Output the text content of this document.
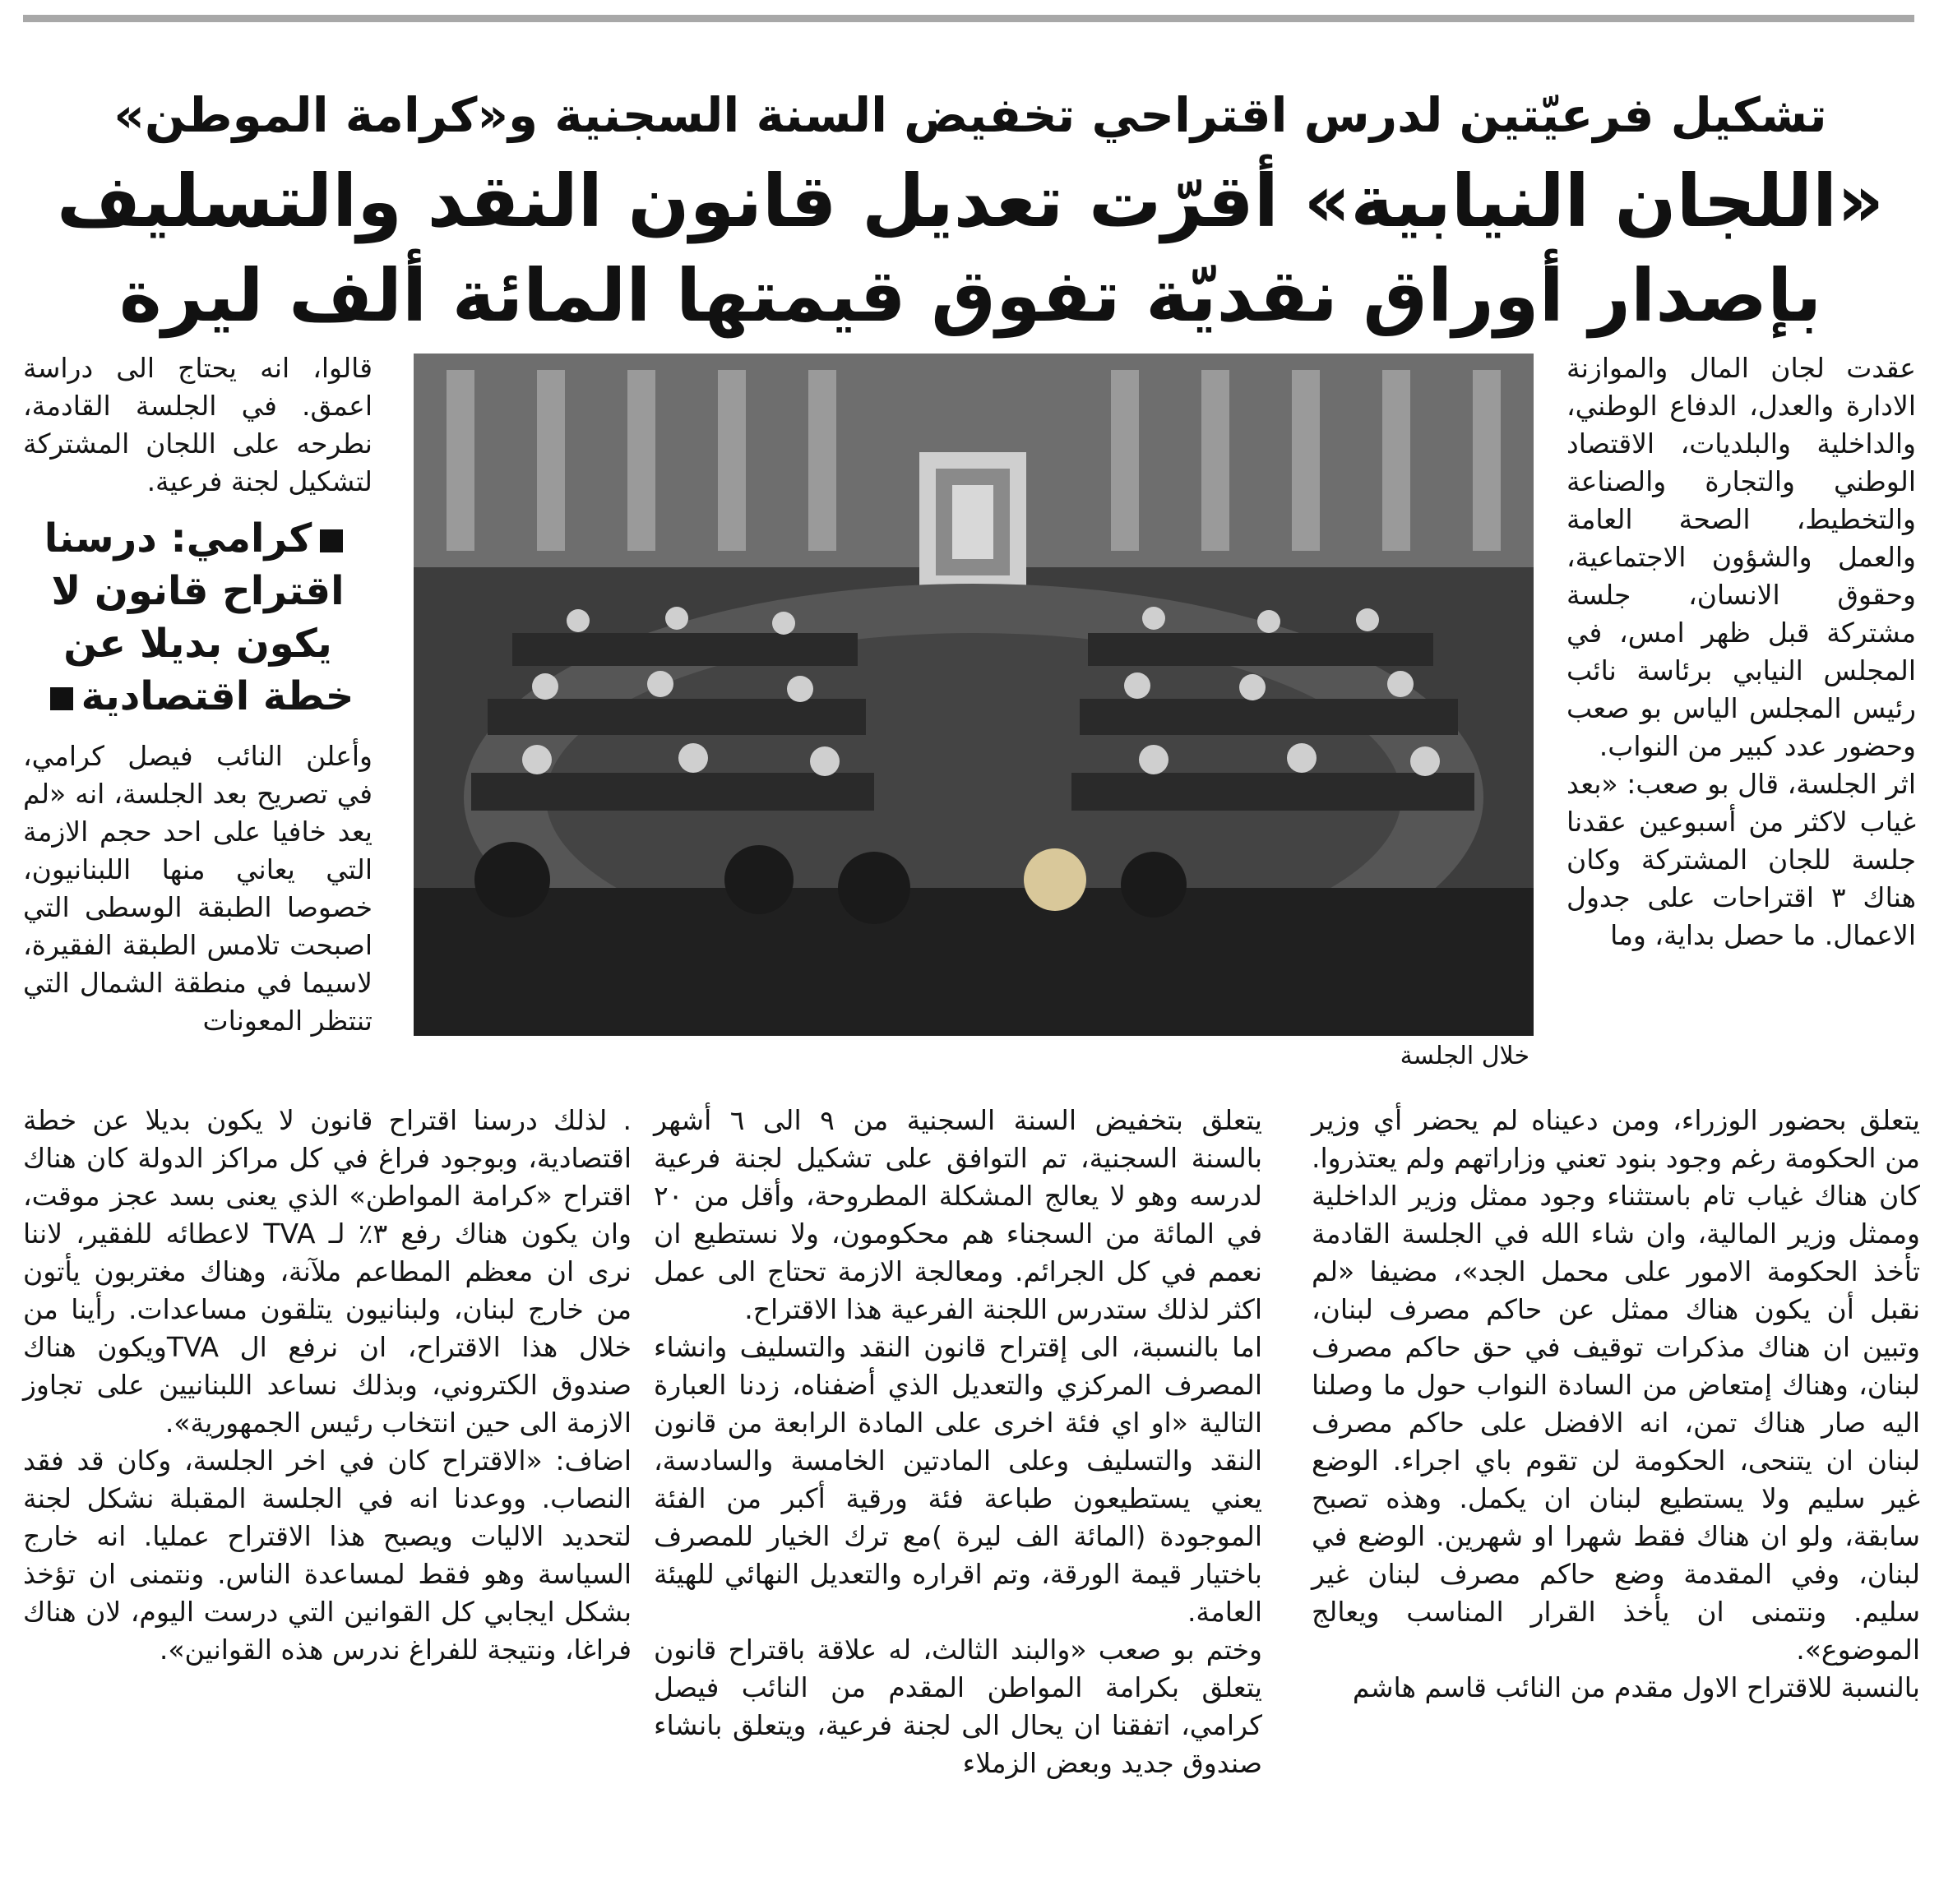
تشكيل فرعيّتين لدرس اقتراحي تخفيض السنة السجنية و«كرامة الموطن»
«اللجان النيابية» أقرّت تعديل قانون النقد والتسليف
بإصدار أوراق نقديّة تفوق قيمتها المائة ألف ليرة

عقدت لجان المال والموازنة الادارة والعدل، الدفاع الوطني، والداخلية والبلديات، الاقتصاد الوطني والتجارة والصناعة والتخطيط، الصحة العامة والعمل والشؤون الاجتماعية، وحقوق الانسان، جلسة مشتركة قبل ظهر امس، في المجلس النيابي برئاسة نائب رئيس المجلس الياس بو صعب وحضور عدد كبير من النواب.

اثر الجلسة، قال بو صعب: «بعد غياب لاكثر من أسبوعين عقدنا جلسة للجان المشتركة وكان هناك ٣ اقتراحات على جدول الاعمال. ما حصل بداية، وما

خلال الجلسة

قالوا، انه يحتاج الى دراسة اعمق. في الجلسة القادمة، نطرحه على اللجان المشتركة لتشكيل لجنة فرعية.

كرامي: درسنا اقتراح قانون لا يكون بديلا عن خطة اقتصادية

وأعلن النائب فيصل كرامي، في تصريح بعد الجلسة، انه «لم يعد خافيا على احد حجم الازمة التي يعاني منها اللبنانيون، خصوصا الطبقة الوسطى التي اصبحت تلامس الطبقة الفقيرة، لاسيما في منطقة الشمال التي تنتظر المعونات

يتعلق بحضور الوزراء، ومن دعيناه لم يحضر أي وزير من الحكومة رغم وجود بنود تعني وزاراتهم ولم يعتذروا. كان هناك غياب تام باستثناء وجود ممثل وزير الداخلية وممثل وزير المالية، وان شاء الله في الجلسة القادمة تأخذ الحكومة الامور على محمل الجد»، مضيفا «لم نقبل أن يكون هناك ممثل عن حاكم مصرف لبنان، وتبين ان هناك مذكرات توقيف في حق حاكم مصرف لبنان، وهناك إمتعاض من السادة النواب حول ما وصلنا اليه صار هناك تمن، انه الافضل على حاكم مصرف لبنان ان يتنحى، الحكومة لن تقوم باي اجراء. الوضع غير سليم ولا يستطيع لبنان ان يكمل. وهذه تصبح سابقة، ولو ان هناك فقط شهرا او شهرين. الوضع في لبنان، وفي المقدمة وضع حاكم مصرف لبنان غير سليم. ونتمنى ان يأخذ القرار المناسب ويعالج الموضوع».

بالنسبة للاقتراح الاول مقدم من النائب قاسم هاشم

يتعلق بتخفيض السنة السجنية من ٩ الى ٦ أشهر بالسنة السجنية، تم التوافق على تشكيل لجنة فرعية لدرسه وهو لا يعالج المشكلة المطروحة، وأقل من ٢٠ في المائة من السجناء هم محكومون، ولا نستطيع ان نعمم في كل الجرائم. ومعالجة الازمة تحتاج الى عمل اكثر لذلك ستدرس اللجنة الفرعية هذا الاقتراح.

اما بالنسبة، الى إقتراح قانون النقد والتسليف وانشاء المصرف المركزي والتعديل الذي أضفناه، زدنا العبارة التالية «او اي فئة اخرى على المادة الرابعة من قانون النقد والتسليف وعلى المادتين الخامسة والسادسة، يعني يستطيعون طباعة فئة ورقية أكبر من الفئة الموجودة (المائة الف ليرة )مع ترك الخيار للمصرف باختيار قيمة الورقة، وتم اقراره والتعديل النهائي للهيئة العامة.

وختم بو صعب «والبند الثالث، له علاقة باقتراح قانون يتعلق بكرامة المواطن المقدم من النائب فيصل كرامي، اتفقنا ان يحال الى لجنة فرعية، ويتعلق بانشاء صندوق جديد وبعض الزملاء

. لذلك درسنا اقتراح قانون لا يكون بديلا عن خطة اقتصادية، وبوجود فراغ في كل مراكز الدولة كان هناك اقتراح «كرامة المواطن» الذي يعنى بسد عجز موقت، وان يكون هناك رفع ٣٪ لـ TVA لاعطائه للفقير، لاننا نرى ان معظم المطاعم ملآنة، وهناك مغتربون يأتون من خارج لبنان، ولبنانيون يتلقون مساعدات. رأينا من خلال هذا الاقتراح، ان نرفع ال TVAويكون هناك صندوق الكتروني، وبذلك نساعد اللبنانيين على تجاوز الازمة الى حين انتخاب رئيس الجمهورية».

اضاف: «الاقتراح كان في اخر الجلسة، وكان قد فقد النصاب. ووعدنا انه في الجلسة المقبلة نشكل لجنة لتحديد الاليات ويصبح هذا الاقتراح عمليا. انه خارج السياسة وهو فقط لمساعدة الناس. ونتمنى ان تؤخذ بشكل ايجابي كل القوانين التي درست اليوم، لان هناك فراغا، ونتيجة للفراغ ندرس هذه القوانين».
